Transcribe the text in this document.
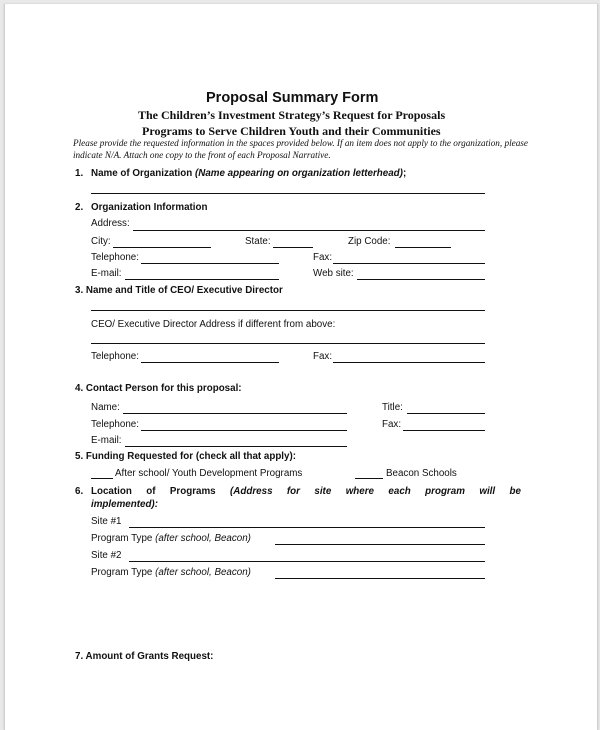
Proposal Summary Form
The Children’s Investment Strategy’s Request for Proposals
Programs to Serve Children Youth and their Communities
Please provide the requested information in the spaces provided below. If an item does not apply to the organization, please indicate N/A. Attach one copy to the front of each Proposal Narrative.
1. Name of Organization (Name appearing on organization letterhead);
2. Organization Information
Address:
City:	State:	Zip Code:
Telephone:	Fax:
E-mail:	Web site:
3. Name and Title of CEO/ Executive Director
CEO/ Executive Director Address if different from above:
Telephone:	Fax:
4. Contact Person for this proposal:
Name:	Title:
Telephone:	Fax:
E-mail:
5. Funding Requested for (check all that apply):
After school/ Youth Development Programs	Beacon Schools
6. Location of Programs (Address for site where each program will be
implemented):
Site #1
Program Type (after school, Beacon)
Site #2
Program Type (after school, Beacon)
7. Amount of Grants Request:
